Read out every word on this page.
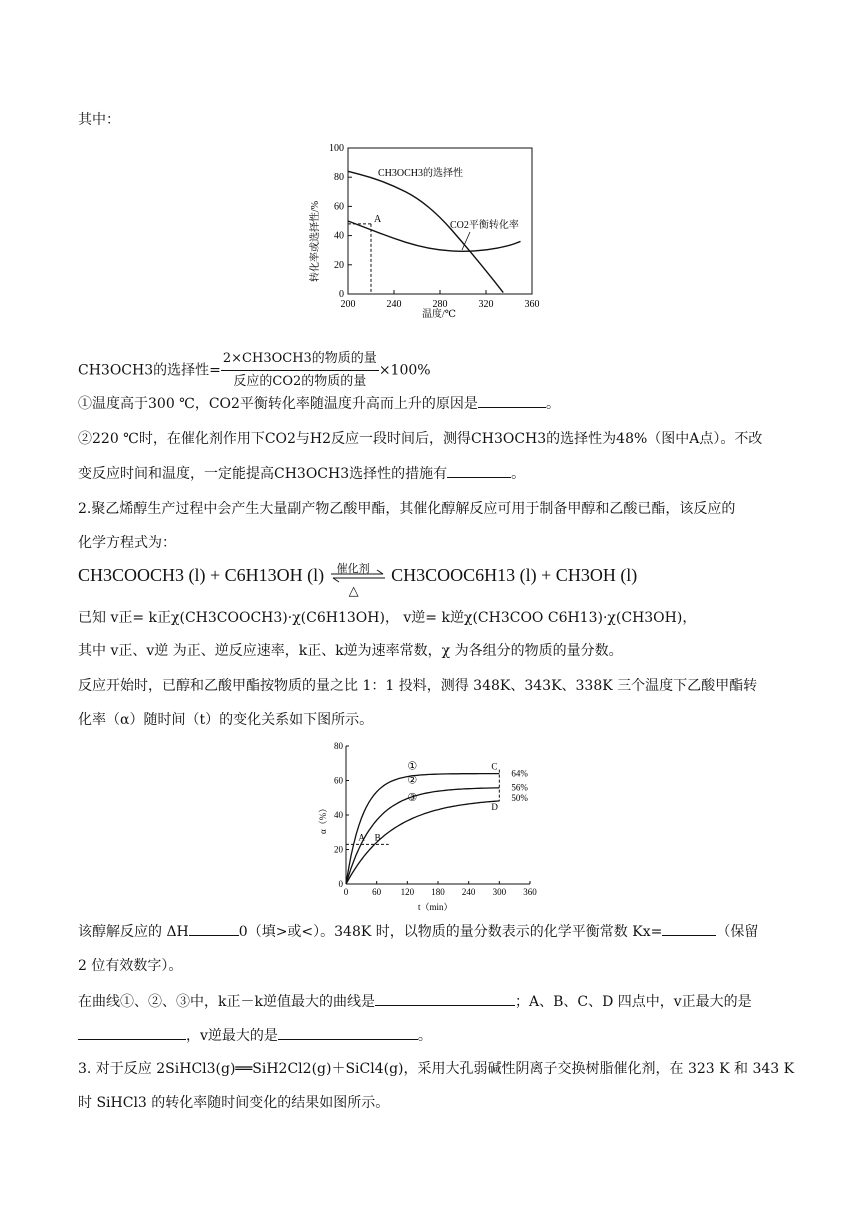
其中：
0
20
40
60
80
100
200	240	280	320	360
A
CH3OCH3的选择性
CO2平衡转化率
转化率或选择性/%
温度/℃
CH3OCH3的选择性= $\frac{\text{2×CH3OCH3的物质的量}}{\text{反应的CO2的物质的量}} \times 100\%$
①温度高于300 ℃，CO2平衡转化率随温度升高而上升的原因是	。
②220 ℃时，在催化剂作用下CO2与H2反应一段时间后，测得CH3OCH3的选择性为48%（图中A点）。不改
变反应时间和温度，一定能提高CH3OCH3选择性的措施有	。
2.聚乙烯醇生产过程中会产生大量副产物乙酸甲酯，其催化醇解反应可用于制备甲醇和乙酸已酯，该反应的
化学方程式为：
CH3COOCH3 (l) + C6H13OH (l) 催化剂
△
CH3COOC6H13 (l) + CH3OH (l)
已知 v正= k正χ(CH3COOCH3)·χ(C6H13OH)， v逆= k逆χ(CH3COO C6H13)·χ(CH3OH)，
其中 v正、v逆 为正、逆反应速率，k正、k逆为速率常数，χ 为各组分的物质的量分数。
反应开始时，已醇和乙酸甲酯按物质的量之比 1：1 投料，测得 348K、343K、338K 三个温度下乙酸甲酯转
化率（α）随时间（t）的变化关系如下图所示。
0
20
40
60
80
0	60 120 180 240 300 360
①
②
③
64%
56%
50%
A B
C
D
α（%）
t（min）
该醇解反应的 ΔH	0（填>或<）。348K 时，以物质的量分数表示的化学平衡常数 Kx=	（保留
2 位有效数字）。
在曲线①、②、③中，k正－k逆值最大的曲线是	；A、B、C、D 四点中，v正最大的是
，v逆最大的是	。
3. 对于反应 2SiHCl3(g)══SiH2Cl2(g)＋SiCl4(g)，采用大孔弱碱性阴离子交换树脂催化剂，在 323 K 和 343 K
时 SiHCl3 的转化率随时间变化的结果如图所示。
